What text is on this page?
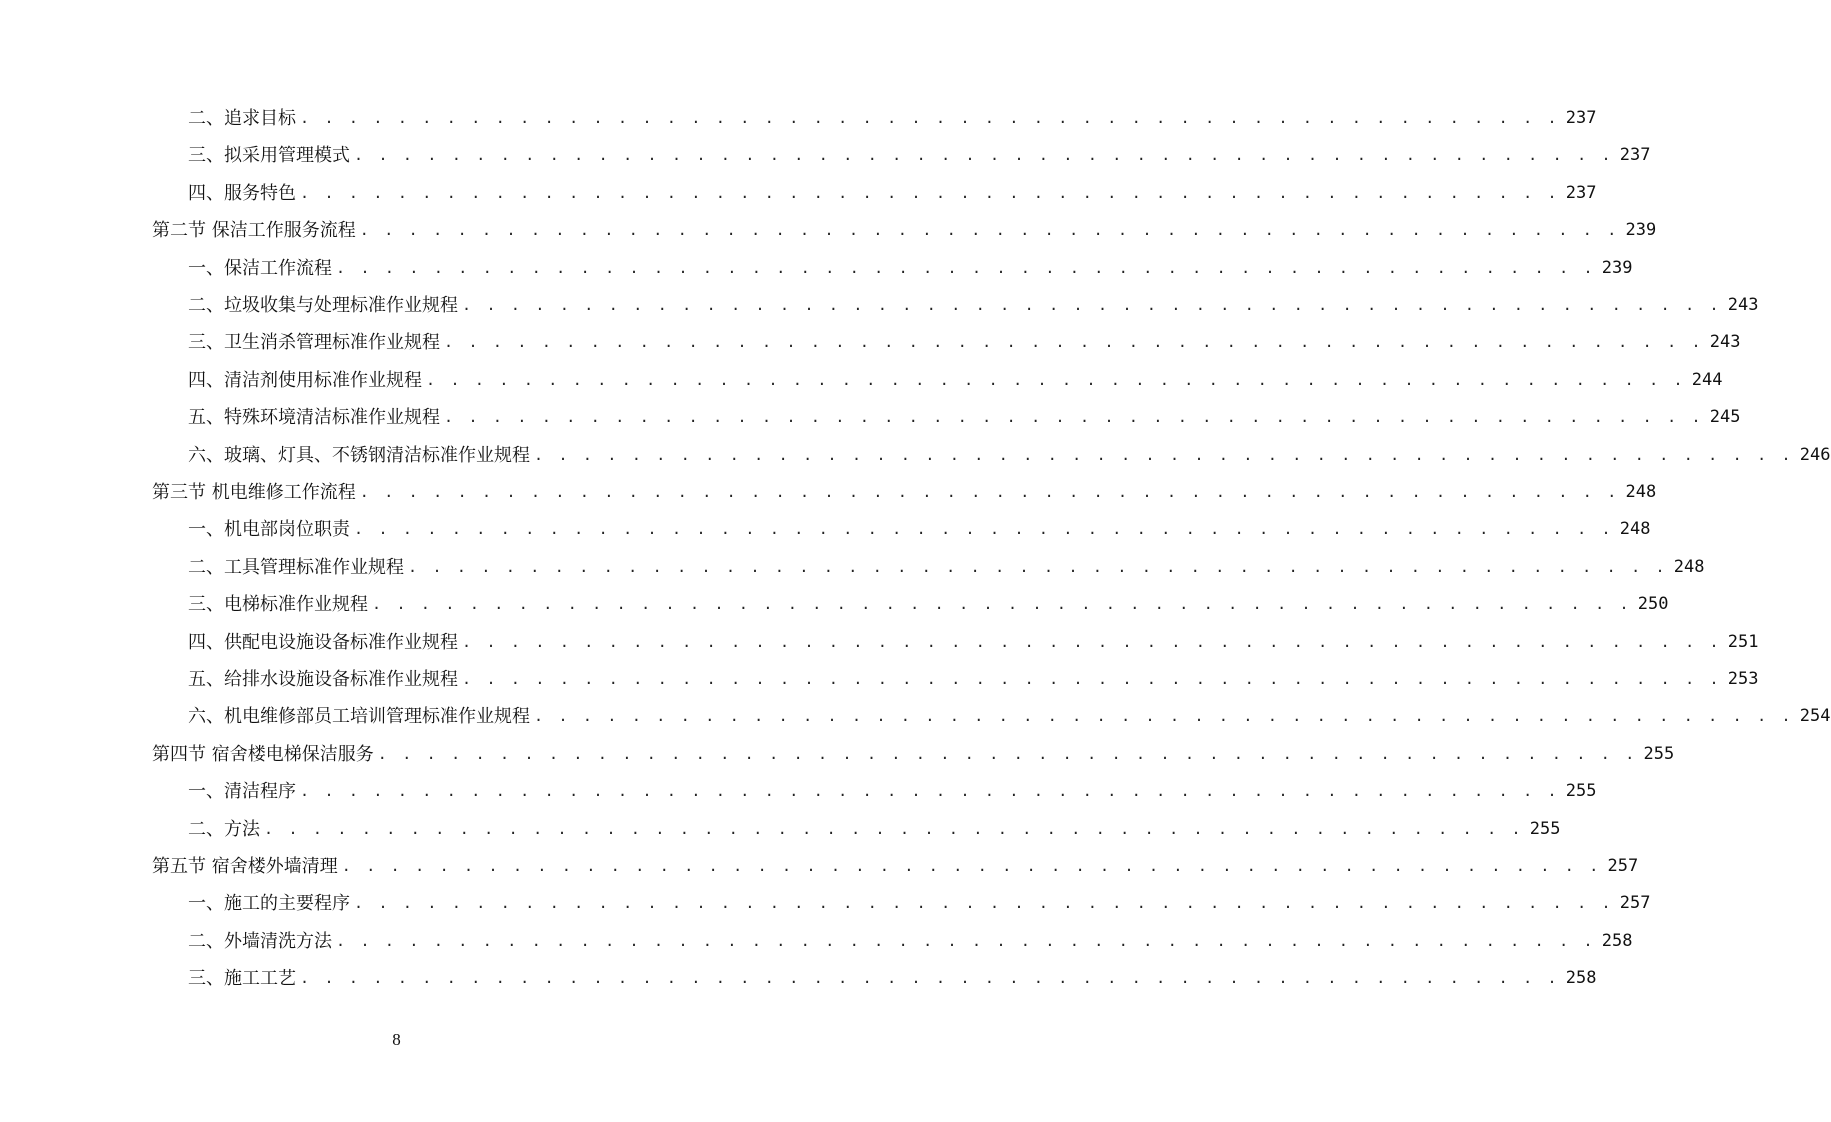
二、追求目标 . . . . . . . . . . . . . . . . . . . . . . . . . . . . . . . . . . . . . . . . . . . . . . . . . . . . 237
三、拟采用管理模式 . . . . . . . . . . . . . . . . . . . . . . . . . . . . . . . . . . . . . . . . . . . . . . . . . . . . 237
四、服务特色 . . . . . . . . . . . . . . . . . . . . . . . . . . . . . . . . . . . . . . . . . . . . . . . . . . . . 237
第二节 保洁工作服务流程 . . . . . . . . . . . . . . . . . . . . . . . . . . . . . . . . . . . . . . . . . . . . . . . . . . . . 239
一、保洁工作流程 . . . . . . . . . . . . . . . . . . . . . . . . . . . . . . . . . . . . . . . . . . . . . . . . . . . . 239
二、垃圾收集与处理标准作业规程 . . . . . . . . . . . . . . . . . . . . . . . . . . . . . . . . . . . . . . . . . . . . . . . . . . . . 243
三、卫生消杀管理标准作业规程 . . . . . . . . . . . . . . . . . . . . . . . . . . . . . . . . . . . . . . . . . . . . . . . . . . . . 243
四、清洁剂使用标准作业规程 . . . . . . . . . . . . . . . . . . . . . . . . . . . . . . . . . . . . . . . . . . . . . . . . . . . . 244
五、特殊环境清洁标准作业规程 . . . . . . . . . . . . . . . . . . . . . . . . . . . . . . . . . . . . . . . . . . . . . . . . . . . . 245
六、玻璃、灯具、不锈钢清洁标准作业规程 . . . . . . . . . . . . . . . . . . . . . . . . . . . . . . . . . . . . . . . . . . . . . . . . . . . . 246
第三节 机电维修工作流程 . . . . . . . . . . . . . . . . . . . . . . . . . . . . . . . . . . . . . . . . . . . . . . . . . . . . 248
一、机电部岗位职责 . . . . . . . . . . . . . . . . . . . . . . . . . . . . . . . . . . . . . . . . . . . . . . . . . . . . 248
二、工具管理标准作业规程 . . . . . . . . . . . . . . . . . . . . . . . . . . . . . . . . . . . . . . . . . . . . . . . . . . . . 248
三、电梯标准作业规程 . . . . . . . . . . . . . . . . . . . . . . . . . . . . . . . . . . . . . . . . . . . . . . . . . . . . 250
四、供配电设施设备标准作业规程 . . . . . . . . . . . . . . . . . . . . . . . . . . . . . . . . . . . . . . . . . . . . . . . . . . . . 251
五、给排水设施设备标准作业规程 . . . . . . . . . . . . . . . . . . . . . . . . . . . . . . . . . . . . . . . . . . . . . . . . . . . . 253
六、机电维修部员工培训管理标准作业规程 . . . . . . . . . . . . . . . . . . . . . . . . . . . . . . . . . . . . . . . . . . . . . . . . . . . . 254
第四节 宿舍楼电梯保洁服务 . . . . . . . . . . . . . . . . . . . . . . . . . . . . . . . . . . . . . . . . . . . . . . . . . . . . 255
一、清洁程序 . . . . . . . . . . . . . . . . . . . . . . . . . . . . . . . . . . . . . . . . . . . . . . . . . . . . 255
二、方法 . . . . . . . . . . . . . . . . . . . . . . . . . . . . . . . . . . . . . . . . . . . . . . . . . . . . 255
第五节 宿舍楼外墙清理 . . . . . . . . . . . . . . . . . . . . . . . . . . . . . . . . . . . . . . . . . . . . . . . . . . . . 257
一、施工的主要程序 . . . . . . . . . . . . . . . . . . . . . . . . . . . . . . . . . . . . . . . . . . . . . . . . . . . . 257
二、外墙清洗方法 . . . . . . . . . . . . . . . . . . . . . . . . . . . . . . . . . . . . . . . . . . . . . . . . . . . . 258
三、施工工艺 . . . . . . . . . . . . . . . . . . . . . . . . . . . . . . . . . . . . . . . . . . . . . . . . . . . . 258
8
